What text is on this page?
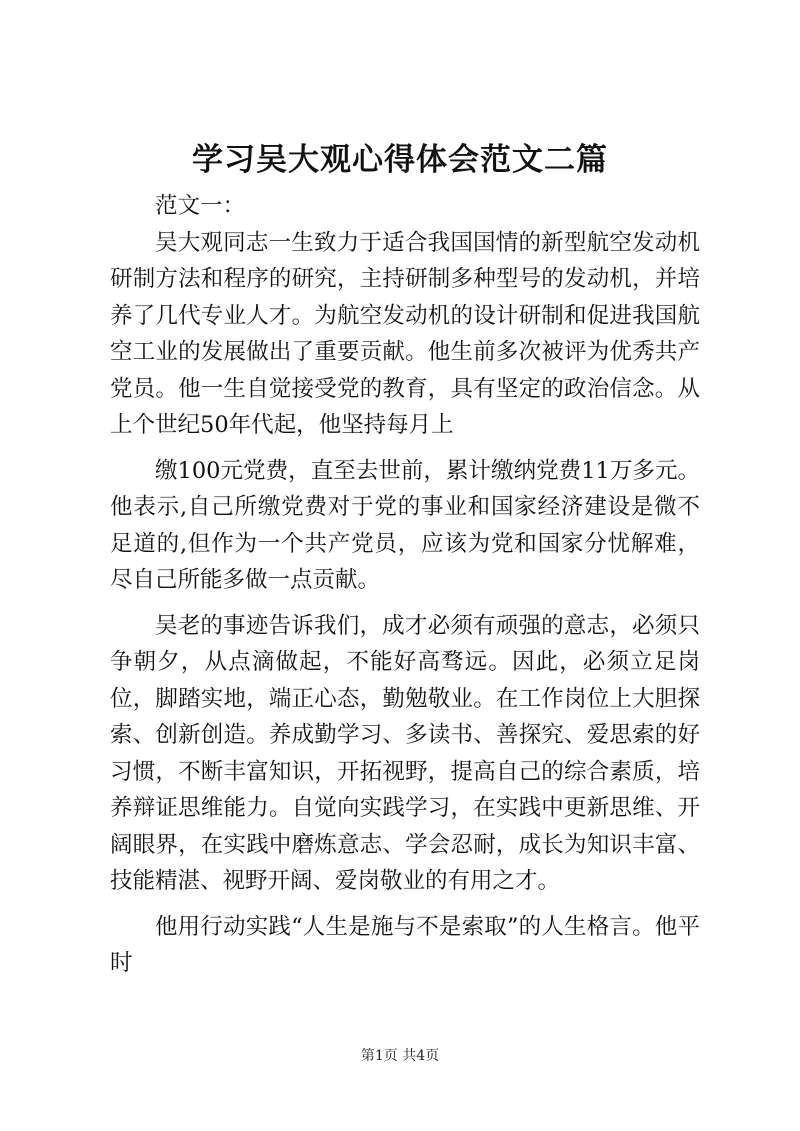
学习吴大观心得体会范文二篇

范文一：

吴大观同志一生致力于适合我国国情的新型航空发动机研制方法和程序的研究，主持研制多种型号的发动机，并培养了几代专业人才。为航空发动机的设计研制和促进我国航空工业的发展做出了重要贡献。他生前多次被评为优秀共产党员。他一生自觉接受党的教育，具有坚定的政治信念。从上个世纪50年代起，他坚持每月上

缴100元党费，直至去世前，累计缴纳党费11万多元。他表示,自己所缴党费对于党的事业和国家经济建设是微不足道的,但作为一个共产党员，应该为党和国家分忧解难，尽自己所能多做一点贡献。

吴老的事迹告诉我们，成才必须有顽强的意志，必须只争朝夕，从点滴做起，不能好高骛远。因此，必须立足岗位，脚踏实地，端正心态，勤勉敬业。在工作岗位上大胆探索、创新创造。养成勤学习、多读书、善探究、爱思索的好习惯，不断丰富知识，开拓视野，提高自己的综合素质，培养辩证思维能力。自觉向实践学习，在实践中更新思维、开阔眼界，在实践中磨炼意志、学会忍耐，成长为知识丰富、技能精湛、视野开阔、爱岗敬业的有用之才。

他用行动实践“人生是施与不是索取”的人生格言。他平时

第1页 共4页
